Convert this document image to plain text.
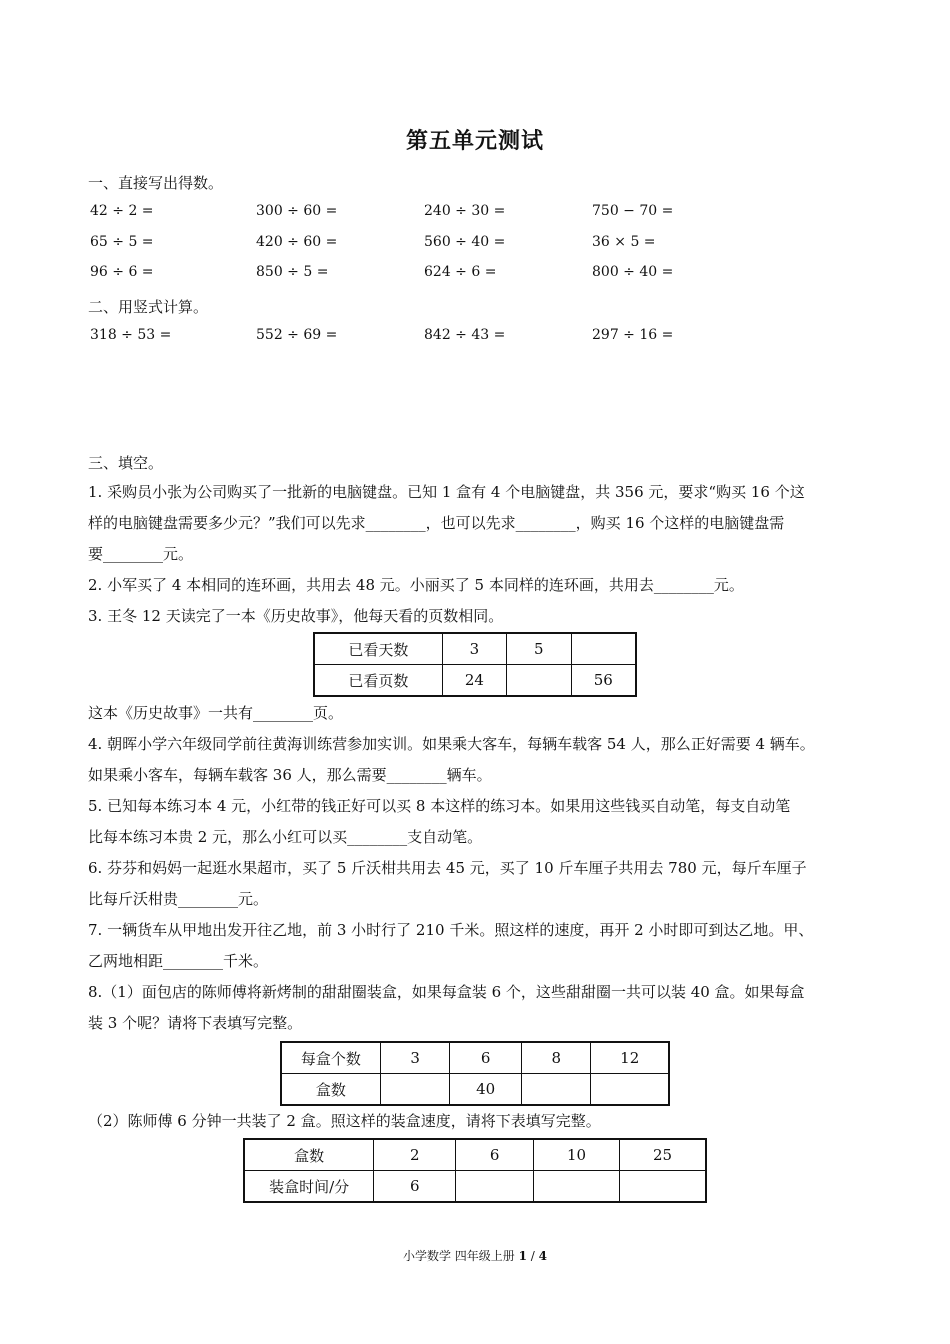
第五单元测试
一、直接写出得数。
42 ÷ 2 =	300 ÷ 60 =	240 ÷ 30 =	750 − 70 =
65 ÷ 5 =	420 ÷ 60 =	560 ÷ 40 =	36 × 5 =
96 ÷ 6 =	850 ÷ 5 =	624 ÷ 6 =	800 ÷ 40 =
二、用竖式计算。
318 ÷ 53 =	552 ÷ 69 =	842 ÷ 43 =	297 ÷ 16 =
三、填空。
1. 采购员小张为公司购买了一批新的电脑键盘。已知 1 盒有 4 个电脑键盘，共 356 元，要求“购买 16 个这
样的电脑键盘需要多少元？”我们可以先求________，也可以先求________，购买 16 个这样的电脑键盘需
要________元。
2. 小军买了 4 本相同的连环画，共用去 48 元。小丽买了 5 本同样的连环画，共用去________元。
3. 王冬 12 天读完了一本《历史故事》，他每天看的页数相同。
已看天数	3	5	
已看页数	24		56
这本《历史故事》一共有________页。
4. 朝晖小学六年级同学前往黄海训练营参加实训。如果乘大客车，每辆车载客 54 人，那么正好需要 4 辆车。
如果乘小客车，每辆车载客 36 人，那么需要________辆车。
5. 已知每本练习本 4 元，小红带的钱正好可以买 8 本这样的练习本。如果用这些钱买自动笔，每支自动笔
比每本练习本贵 2 元，那么小红可以买________支自动笔。
6. 芬芬和妈妈一起逛水果超市，买了 5 斤沃柑共用去 45 元，买了 10 斤车厘子共用去 780 元，每斤车厘子
比每斤沃柑贵________元。
7. 一辆货车从甲地出发开往乙地，前 3 小时行了 210 千米。照这样的速度，再开 2 小时即可到达乙地。甲、
乙两地相距________千米。
8.（1）面包店的陈师傅将新烤制的甜甜圈装盒，如果每盒装 6 个，这些甜甜圈一共可以装 40 盒。如果每盒
装 3 个呢？请将下表填写完整。
每盒个数	3	6	8	12
盒数		40		
（2）陈师傅 6 分钟一共装了 2 盒。照这样的装盒速度，请将下表填写完整。
盒数	2	6	10	25
装盒时间/分	6			
小学数学 四年级上册 1 / 4
